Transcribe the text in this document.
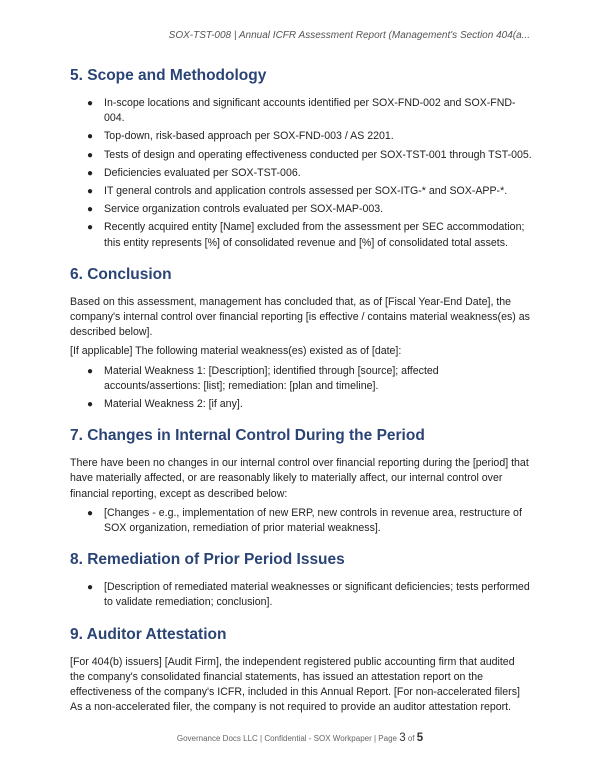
SOX-TST-008 | Annual ICFR Assessment Report (Management's Section 404(a...
5. Scope and Methodology
● In-scope locations and significant accounts identified per SOX-FND-002 and SOX-FND-004.
● Top-down, risk-based approach per SOX-FND-003 / AS 2201.
● Tests of design and operating effectiveness conducted per SOX-TST-001 through TST-005.
● Deficiencies evaluated per SOX-TST-006.
● IT general controls and application controls assessed per SOX-ITG-* and SOX-APP-*.
● Service organization controls evaluated per SOX-MAP-003.
● Recently acquired entity [Name] excluded from the assessment per SEC accommodation; this entity represents [%] of consolidated revenue and [%] of consolidated total assets.
6. Conclusion

Based on this assessment, management has concluded that, as of [Fiscal Year-End Date], the company's internal control over financial reporting [is effective / contains material weakness(es) as described below].

[If applicable] The following material weakness(es) existed as of [date]:

● Material Weakness 1: [Description]; identified through [source]; affected accounts/assertions: [list]; remediation: [plan and timeline].
● Material Weakness 2: [if any].
7. Changes in Internal Control During the Period

There have been no changes in our internal control over financial reporting during the [period] that have materially affected, or are reasonably likely to materially affect, our internal control over financial reporting, except as described below:

● [Changes - e.g., implementation of new ERP, new controls in revenue area, restructure of SOX organization, remediation of prior material weakness].
8. Remediation of Prior Period Issues
● [Description of remediated material weaknesses or significant deficiencies; tests performed to validate remediation; conclusion].
9. Auditor Attestation

[For 404(b) issuers] [Audit Firm], the independent registered public accounting firm that audited the company's consolidated financial statements, has issued an attestation report on the effectiveness of the company's ICFR, included in this Annual Report. [For non-accelerated filers] As a non-accelerated filer, the company is not required to provide an auditor attestation report.

Governance Docs LLC | Confidential - SOX Workpaper | Page 3 of 5
